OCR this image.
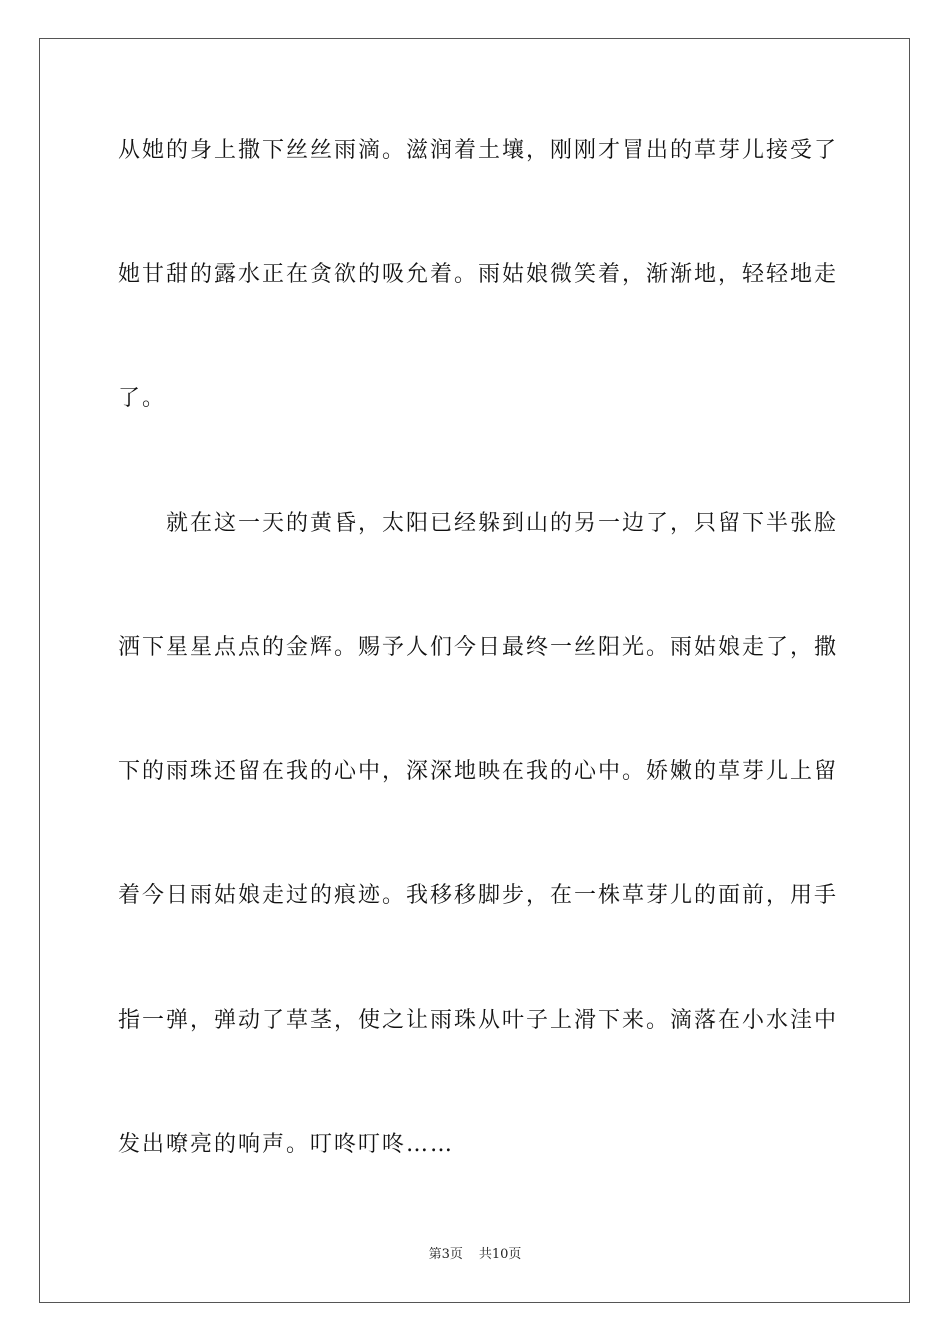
从她的身上撒下丝丝雨滴。滋润着土壤，刚刚才冒出的草芽儿接受了
她甘甜的露水正在贪欲的吸允着。雨姑娘微笑着，渐渐地，轻轻地走
了。
　　就在这一天的黄昏，太阳已经躲到山的另一边了，只留下半张脸
洒下星星点点的金辉。赐予人们今日最终一丝阳光。雨姑娘走了，撒
下的雨珠还留在我的心中，深深地映在我的心中。娇嫩的草芽儿上留
着今日雨姑娘走过的痕迹。我移移脚步，在一株草芽儿的面前，用手
指一弹，弹动了草茎，使之让雨珠从叶子上滑下来。滴落在小水洼中
发出嘹亮的响声。叮咚叮咚……
第3页 共10页
